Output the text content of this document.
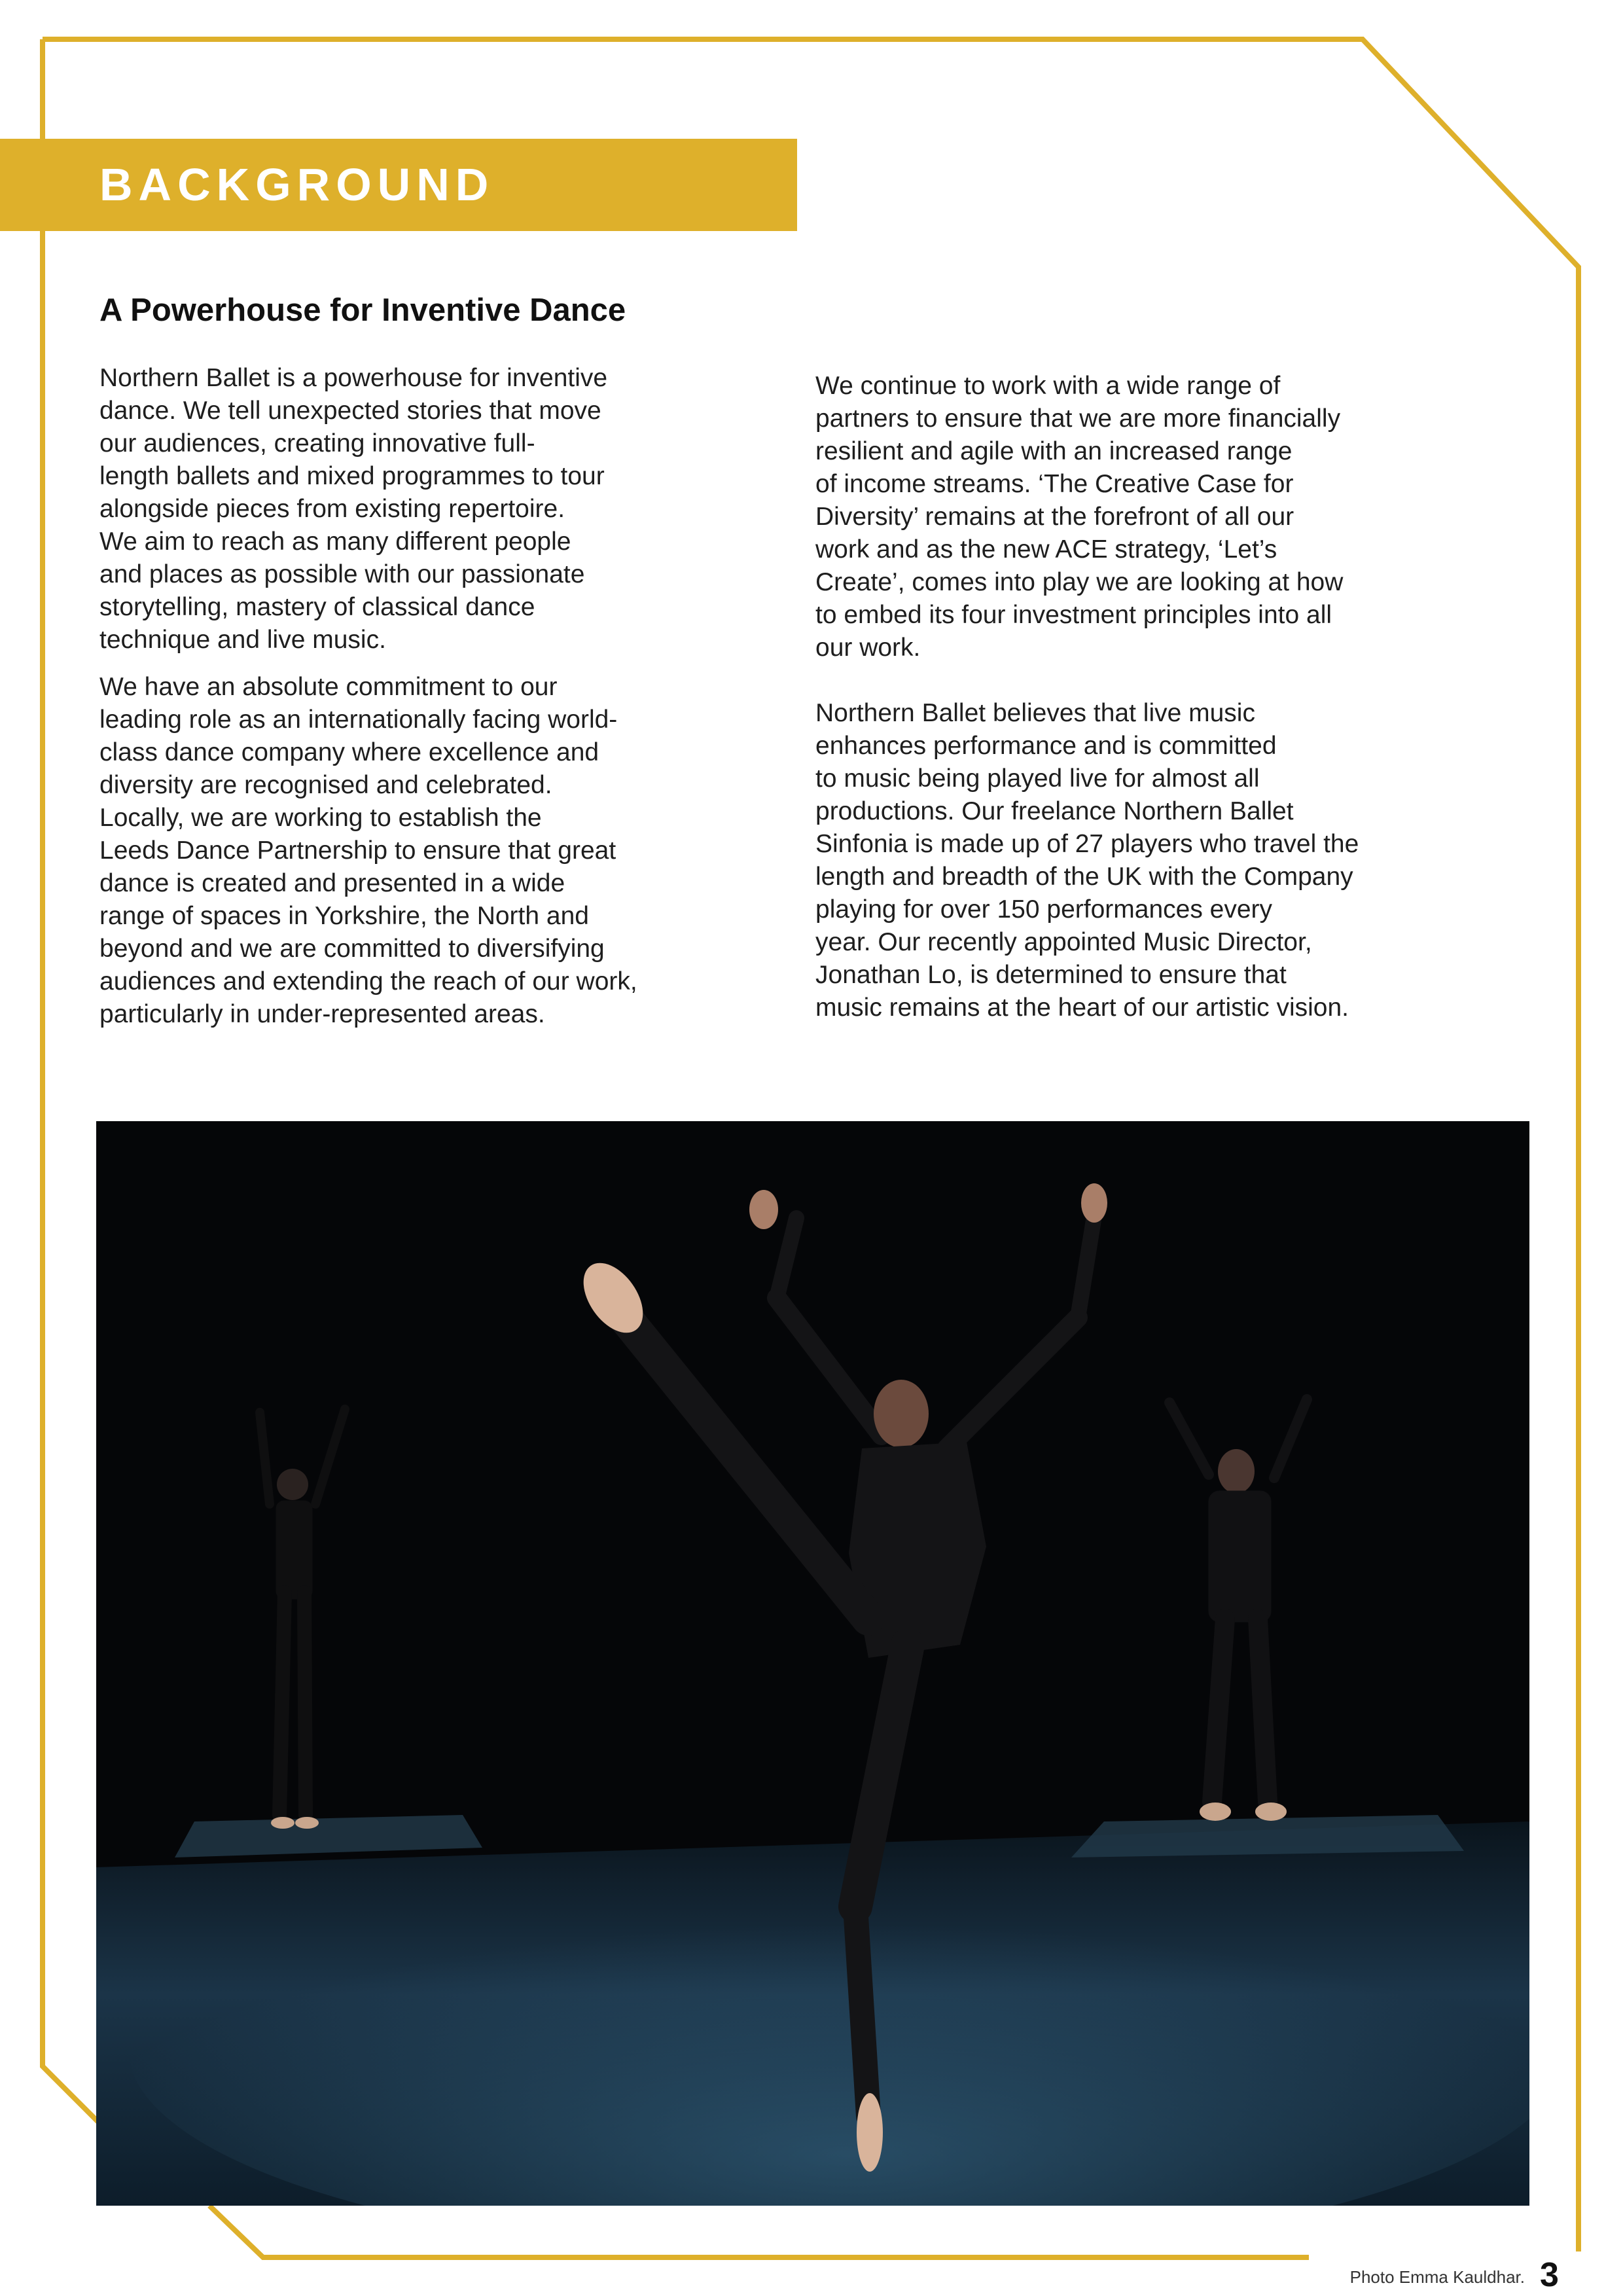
BACKGROUND
A Powerhouse for Inventive Dance

Northern Ballet is a powerhouse for inventive
dance. We tell unexpected stories that move
our audiences, creating innovative full-
length ballets and mixed programmes to tour
alongside pieces from existing repertoire.
We aim to reach as many different people
and places as possible with our passionate
storytelling, mastery of classical dance
technique and live music.

We have an absolute commitment to our
leading role as an internationally facing world-
class dance company where excellence and
diversity are recognised and celebrated.
Locally, we are working to establish the
Leeds Dance Partnership to ensure that great
dance is created and presented in a wide
range of spaces in Yorkshire, the North and
beyond and we are committed to diversifying
audiences and extending the reach of our work,
particularly in under-represented areas.

We continue to work with a wide range of
partners to ensure that we are more financially
resilient and agile with an increased range
of income streams. ‘The Creative Case for
Diversity’ remains at the forefront of all our
work and as the new ACE strategy, ‘Let’s
Create’, comes into play we are looking at how
to embed its four investment principles into all
our work.

Northern Ballet believes that live music
enhances performance and is committed
to music being played live for almost all
productions. Our freelance Northern Ballet
Sinfonia is made up of 27 players who travel the
length and breadth of the UK with the Company
playing for over 150 performances every
year. Our recently appointed Music Director,
Jonathan Lo, is determined to ensure that
music remains at the heart of our artistic vision.

Photo Emma Kauldhar. 3
